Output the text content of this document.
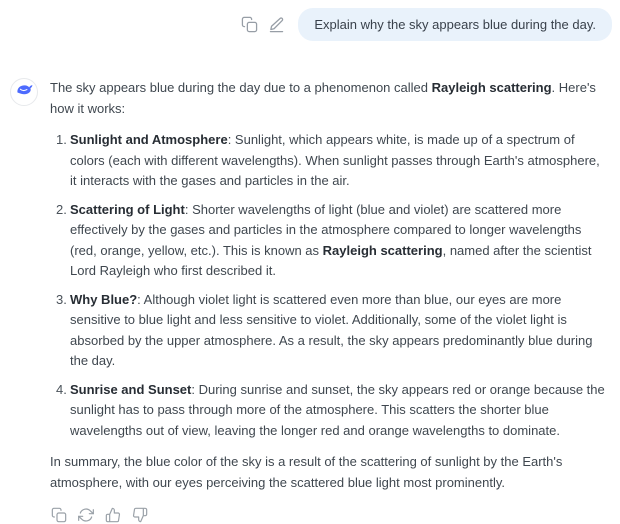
Explain why the sky appears blue during the day.

The sky appears blue during the day due to a phenomenon called Rayleigh scattering. Here's how it works:

1. Sunlight and Atmosphere: Sunlight, which appears white, is made up of a spectrum of colors (each with different wavelengths). When sunlight passes through Earth's atmosphere, it interacts with the gases and particles in the air.
2. Scattering of Light: Shorter wavelengths of light (blue and violet) are scattered more effectively by the gases and particles in the atmosphere compared to longer wavelengths (red, orange, yellow, etc.). This is known as Rayleigh scattering, named after the scientist Lord Rayleigh who first described it.
3. Why Blue?: Although violet light is scattered even more than blue, our eyes are more sensitive to blue light and less sensitive to violet. Additionally, some of the violet light is absorbed by the upper atmosphere. As a result, the sky appears predominantly blue during the day.
4. Sunrise and Sunset: During sunrise and sunset, the sky appears red or orange because the sunlight has to pass through more of the atmosphere. This scatters the shorter blue wavelengths out of view, leaving the longer red and orange wavelengths to dominate.

In summary, the blue color of the sky is a result of the scattering of sunlight by the Earth's atmosphere, with our eyes perceiving the scattered blue light most prominently.
